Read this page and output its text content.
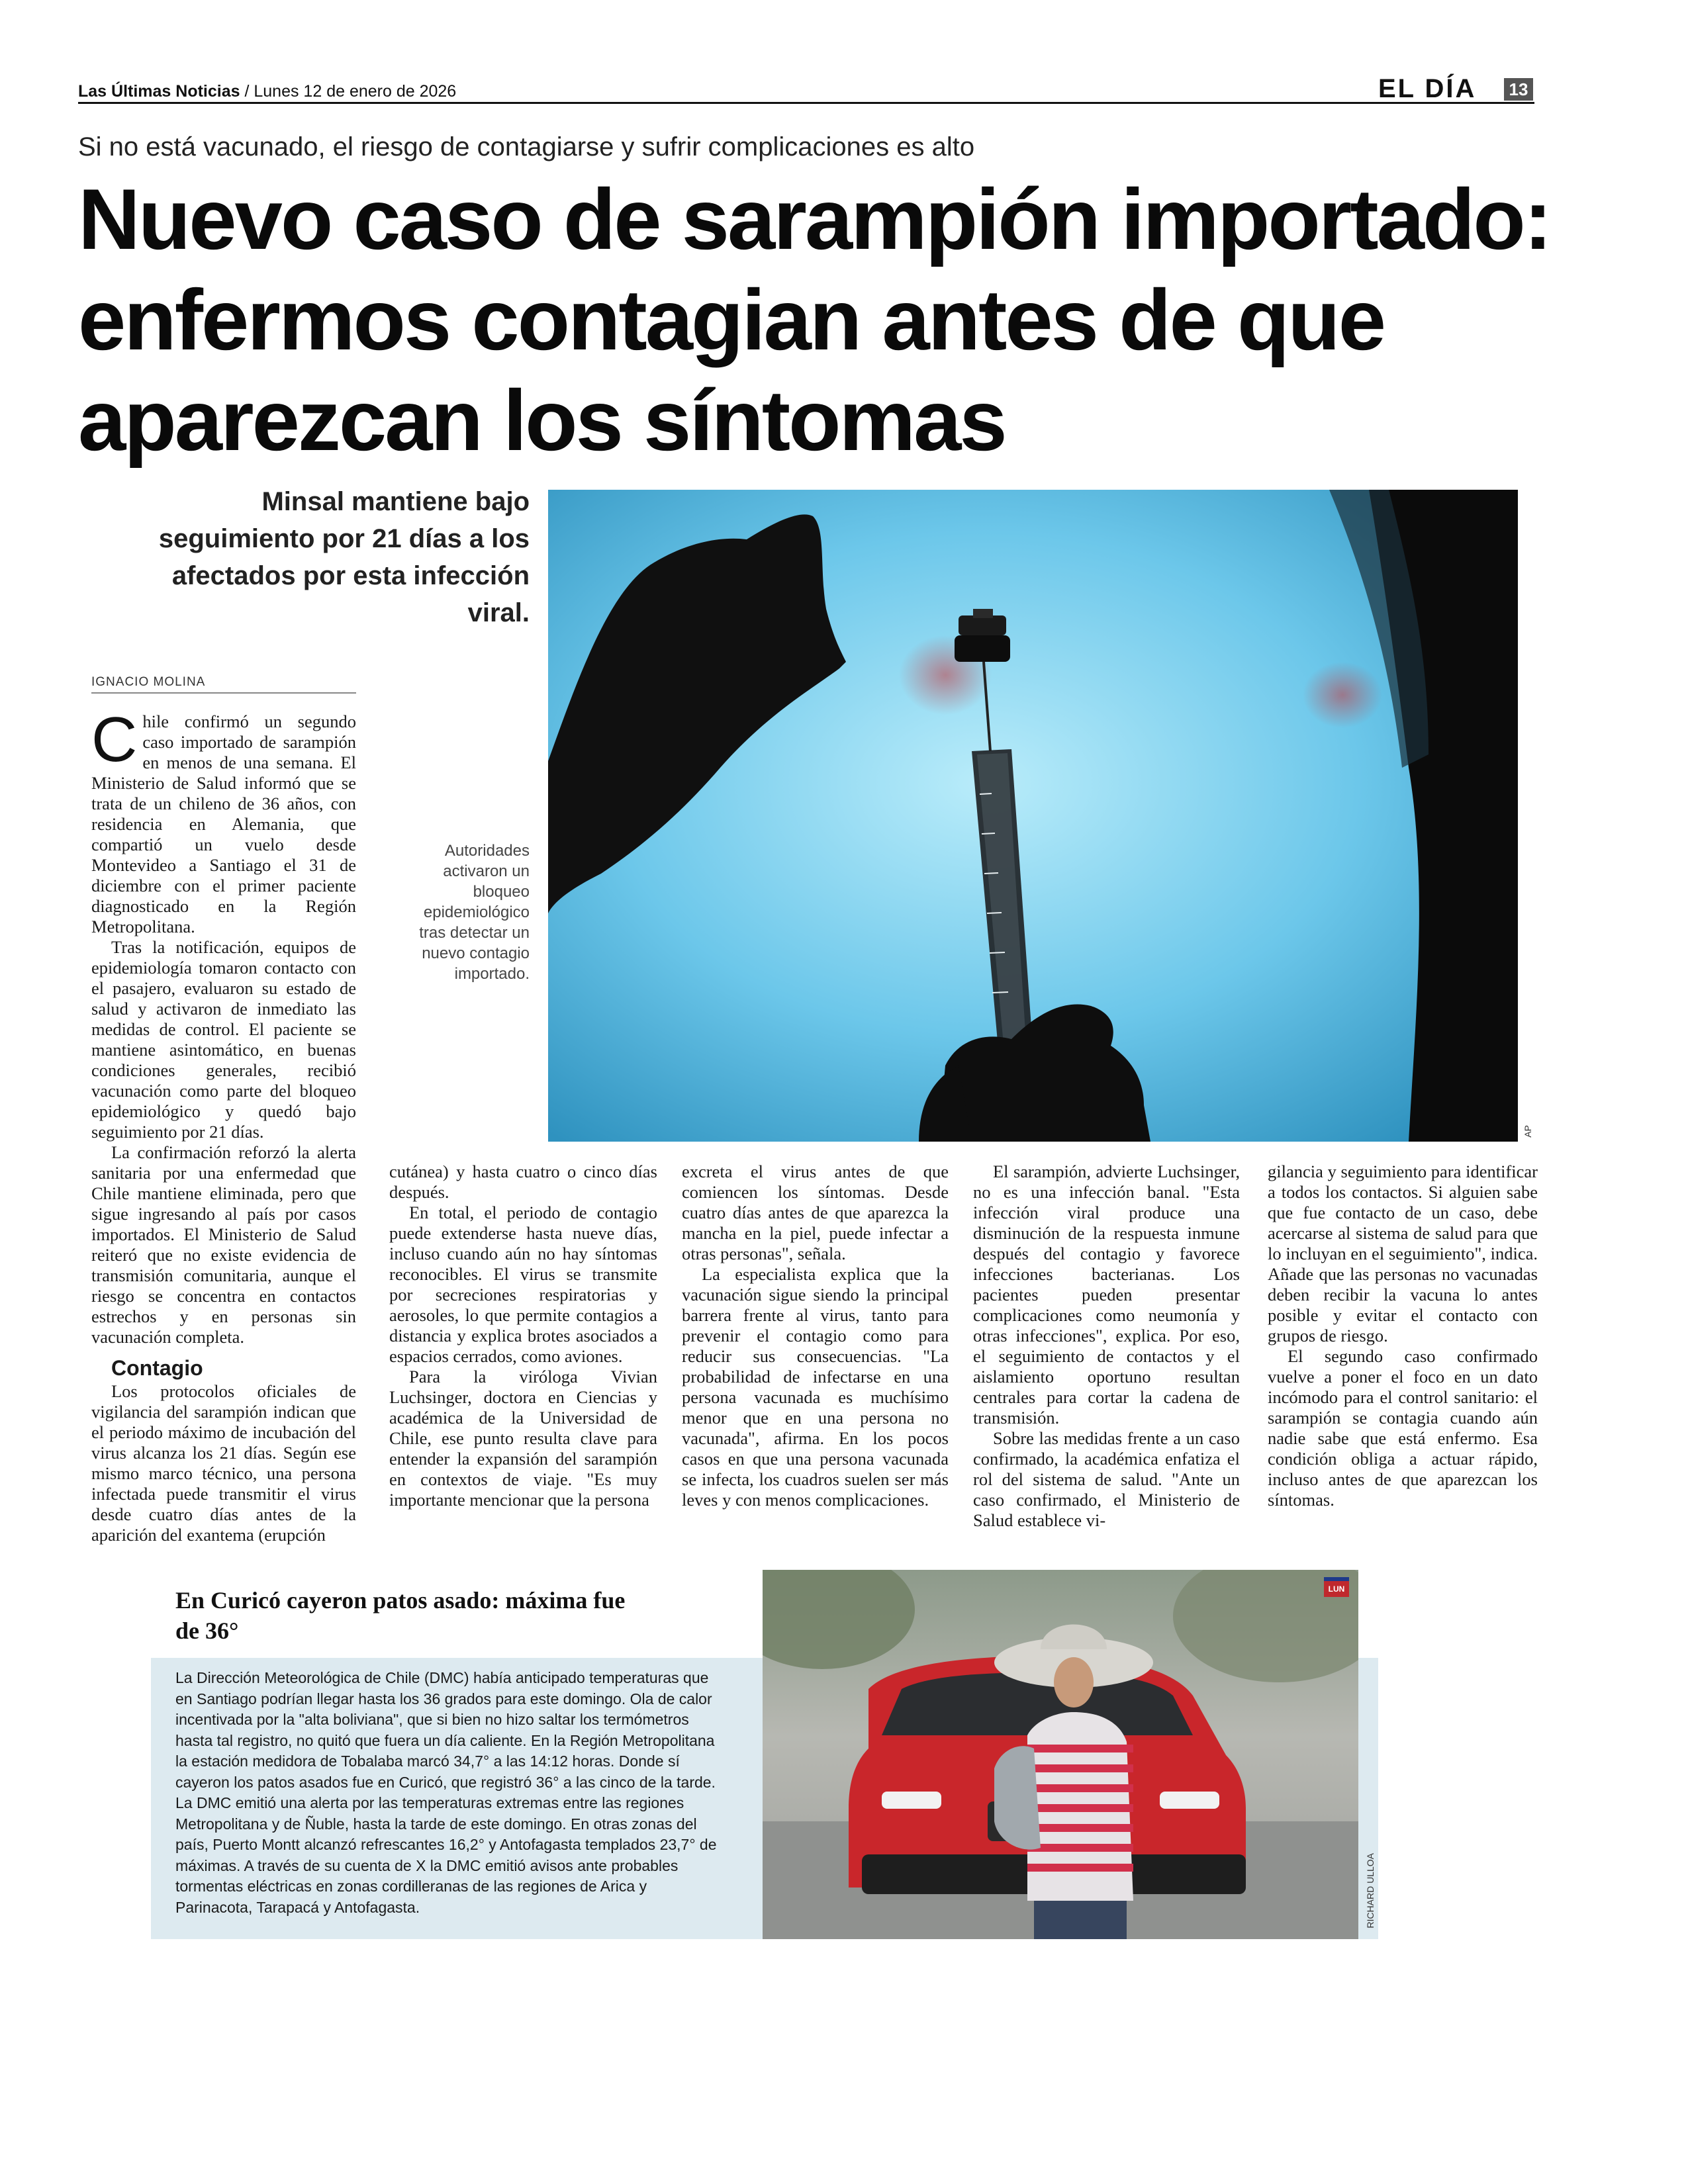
Las Últimas Noticias / Lunes 12 de enero de 2026	EL DÍA 13
Si no está vacunado, el riesgo de contagiarse y sufrir complicaciones es alto
Nuevo caso de sarampión importado:
enfermos contagian antes de que
aparezcan los síntomas
Minsal mantiene bajo seguimiento por 21 días a los afectados por esta infección viral.
AP
Autoridades activaron un bloqueo epidemiológico tras detectar un nuevo contagio importado.
IGNACIO MOLINA

Chile confirmó un segundo caso importado de sarampión en menos de una semana. El Ministerio de Salud informó que se trata de un chileno de 36 años, con residencia en Alemania, que compartió un vuelo desde Montevideo a Santiago el 31 de diciembre con el primer paciente diagnosticado en la Región Metropolitana.

Tras la notificación, equipos de epidemiología tomaron contacto con el pasajero, evaluaron su estado de salud y activaron de inmediato las medidas de control. El paciente se mantiene asintomático, en buenas condiciones generales, recibió vacunación como parte del bloqueo epidemiológico y quedó bajo seguimiento por 21 días.

La confirmación reforzó la alerta sanitaria por una enfermedad que Chile mantiene eliminada, pero que sigue ingresando al país por casos importados. El Ministerio de Salud reiteró que no existe evidencia de transmisión comunitaria, aunque el riesgo se concentra en contactos estrechos y en personas sin vacunación completa.

Contagio

Los protocolos oficiales de vigilancia del sarampión indican que el periodo máximo de incubación del virus alcanza los 21 días. Según ese mismo marco técnico, una persona infectada puede transmitir el virus desde cuatro días antes de la aparición del exantema (erupción

cutánea) y hasta cuatro o cinco días después.

En total, el periodo de contagio puede extenderse hasta nueve días, incluso cuando aún no hay síntomas reconocibles. El virus se transmite por secreciones respiratorias y aerosoles, lo que permite contagios a distancia y explica brotes asociados a espacios cerrados, como aviones.

Para la viróloga Vivian Luchsinger, doctora en Ciencias y académica de la Universidad de Chile, ese punto resulta clave para entender la expansión del sarampión en contextos de viaje. "Es muy importante mencionar que la persona

excreta el virus antes de que comiencen los síntomas. Desde cuatro días antes de que aparezca la mancha en la piel, puede infectar a otras personas", señala.

La especialista explica que la vacunación sigue siendo la principal barrera frente al virus, tanto para prevenir el contagio como para reducir sus consecuencias. "La probabilidad de infectarse en una persona vacunada es muchísimo menor que en una persona no vacunada", afirma. En los pocos casos en que una persona vacunada se infecta, los cuadros suelen ser más leves y con menos complicaciones.

El sarampión, advierte Luchsinger, no es una infección banal. "Esta infección viral produce una disminución de la respuesta inmune después del contagio y favorece infecciones bacterianas. Los pacientes pueden presentar complicaciones como neumonía y otras infecciones", explica. Por eso, el seguimiento de contactos y el aislamiento oportuno resultan centrales para cortar la cadena de transmisión.

Sobre las medidas frente a un caso confirmado, la académica enfatiza el rol del sistema de salud. "Ante un caso confirmado, el Ministerio de Salud establece vi-

gilancia y seguimiento para identificar a todos los contactos. Si alguien sabe que fue contacto de un caso, debe acercarse al sistema de salud para que lo incluyan en el seguimiento", indica. Añade que las personas no vacunadas deben recibir la vacuna lo antes posible y evitar el contacto con grupos de riesgo.

El segundo caso confirmado vuelve a poner el foco en un dato incómodo para el control sanitario: el sarampión se contagia cuando aún nadie sabe que está enfermo. Esa condición obliga a actuar rápido, incluso antes de que aparezcan los síntomas.

En Curicó cayeron patos asado: máxima fue de 36°
La Dirección Meteorológica de Chile (DMC) había anticipado temperaturas que en Santiago podrían llegar hasta los 36 grados para este domingo. Ola de calor incentivada por la "alta boliviana", que si bien no hizo saltar los termómetros hasta tal registro, no quitó que fuera un día caliente. En la Región Metropolitana la estación medidora de Tobalaba marcó 34,7° a las 14:12 horas. Donde sí cayeron los patos asados fue en Curicó, que registró 36° a las cinco de la tarde. La DMC emitió una alerta por las temperaturas extremas entre las regiones Metropolitana y de Ñuble, hasta la tarde de este domingo. En otras zonas del país, Puerto Montt alcanzó refrescantes 16,2° y Antofagasta templados 23,7° de máximas. A través de su cuenta de X la DMC emitió avisos ante probables tormentas eléctricas en zonas cordilleranas de las regiones de Arica y Parinacota, Tarapacá y Antofagasta.
LUN
RICHARD ULLOA
